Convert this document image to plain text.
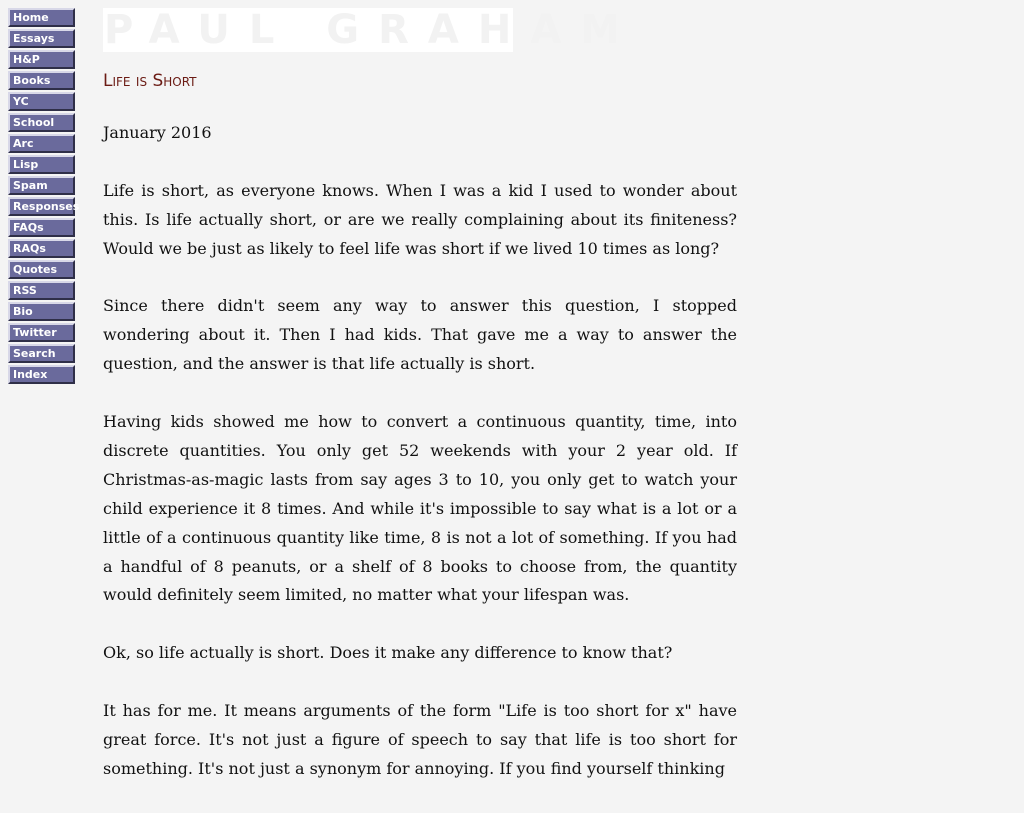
Home
Essays
H&P
Books
YC
School
Arc
Lisp
Spam
Responses
FAQs
RAQs
Quotes
RSS
Bio
Twitter
Search
Index
PAUL GRAHAM
Life is Short

January 2016

Life is short, as everyone knows. When I was a kid I used to wonder about this. Is life actually short, or are we really complaining about its finiteness? Would we be just as likely to feel life was short if we lived 10 times as long?

Since there didn't seem any way to answer this question, I stopped wondering about it. Then I had kids. That gave me a way to answer the question, and the answer is that life actually is short.

Having kids showed me how to convert a continuous quantity, time, into discrete quantities. You only get 52 weekends with your 2 year old. If Christmas-as-magic lasts from say ages 3 to 10, you only get to watch your child experience it 8 times. And while it's impossible to say what is a lot or a little of a continuous quantity like time, 8 is not a lot of something. If you had a handful of 8 peanuts, or a shelf of 8 books to choose from, the quantity would definitely seem limited, no matter what your lifespan was.

Ok, so life actually is short. Does it make any difference to know that?

It has for me. It means arguments of the form "Life is too short for x" have great force. It's not just a figure of speech to say that life is too short for something. It's not just a synonym for annoying. If you find yourself thinking
